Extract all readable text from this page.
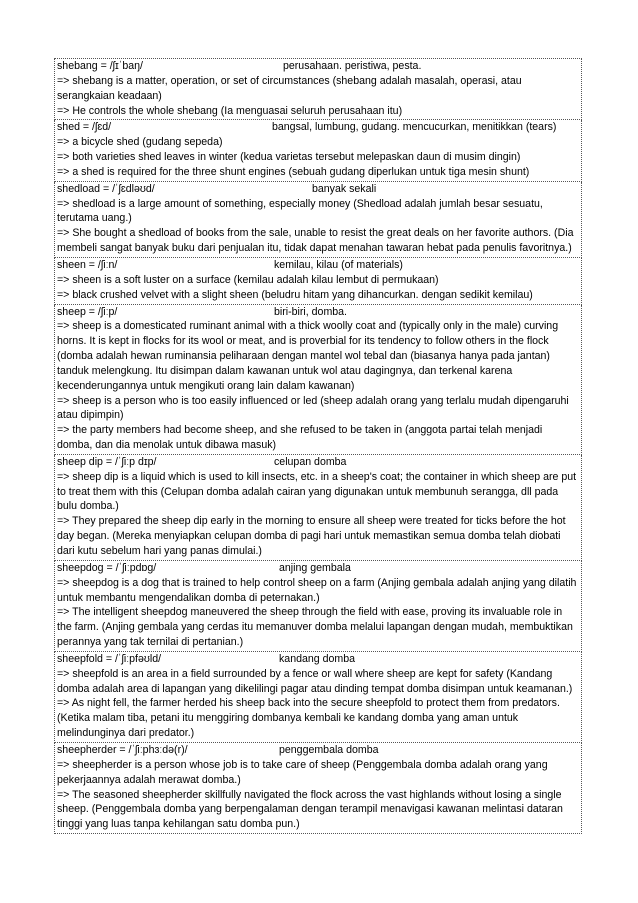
shebang = /ʃɪˈbaŋ/	perusahaan. peristiwa, pesta.

=> shebang is a matter, operation, or set of circumstances (shebang adalah masalah, operasi, atau serangkaian keadaan)

=> He controls the whole shebang (Ia menguasai seluruh perusahaan itu)

shed = /ʃɛd/	bangsal, lumbung, gudang. mencucurkan, menitikkan (tears)

=> a bicycle shed (gudang sepeda)

=> both varieties shed leaves in winter (kedua varietas tersebut melepaskan daun di musim dingin)

=> a shed is required for the three shunt engines (sebuah gudang diperlukan untuk tiga mesin shunt)

shedload = /ˈʃɛdləʊd/	banyak sekali

=> shedload is a large amount of something, especially money (Shedload adalah jumlah besar sesuatu, terutama uang.)

=> She bought a shedload of books from the sale, unable to resist the great deals on her favorite authors. (Dia membeli sangat banyak buku dari penjualan itu, tidak dapat menahan tawaran hebat pada penulis favoritnya.)

sheen = /ʃiːn/	kemilau, kilau (of materials)

=> sheen is a soft luster on a surface (kemilau adalah kilau lembut di permukaan)

=> black crushed velvet with a slight sheen (beludru hitam yang dihancurkan. dengan sedikit kemilau)

sheep = /ʃiːp/	biri-biri, domba.

=> sheep is a domesticated ruminant animal with a thick woolly coat and (typically only in the male) curving horns. It is kept in flocks for its wool or meat, and is proverbial for its tendency to follow others in the flock (domba adalah hewan ruminansia peliharaan dengan mantel wol tebal dan (biasanya hanya pada jantan) tanduk melengkung. Itu disimpan dalam kawanan untuk wol atau dagingnya, dan terkenal karena kecenderungannya untuk mengikuti orang lain dalam kawanan)

=> sheep is a person who is too easily influenced or led (sheep adalah orang yang terlalu mudah dipengaruhi atau dipimpin)

=> the party members had become sheep, and she refused to be taken in (anggota partai telah menjadi domba, dan dia menolak untuk dibawa masuk)

sheep dip = /ˈʃiːp dɪp/	celupan domba

=> sheep dip is a liquid which is used to kill insects, etc. in a sheep's coat; the container in which sheep are put to treat them with this (Celupan domba adalah cairan yang digunakan untuk membunuh serangga, dll pada bulu domba.)

=> They prepared the sheep dip early in the morning to ensure all sheep were treated for ticks before the hot day began. (Mereka menyiapkan celupan domba di pagi hari untuk memastikan semua domba telah diobati dari kutu sebelum hari yang panas dimulai.)

sheepdog = /ˈʃiːpdɒɡ/	anjing gembala

=> sheepdog is a dog that is trained to help control sheep on a farm (Anjing gembala adalah anjing yang dilatih untuk membantu mengendalikan domba di peternakan.)

=> The intelligent sheepdog maneuvered the sheep through the field with ease, proving its invaluable role in the farm. (Anjing gembala yang cerdas itu memanuver domba melalui lapangan dengan mudah, membuktikan perannya yang tak ternilai di pertanian.)

sheepfold = /ˈʃiːpfəʊld/	kandang domba

=> sheepfold is an area in a field surrounded by a fence or wall where sheep are kept for safety (Kandang domba adalah area di lapangan yang dikelilingi pagar atau dinding tempat domba disimpan untuk keamanan.)

=> As night fell, the farmer herded his sheep back into the secure sheepfold to protect them from predators. (Ketika malam tiba, petani itu menggiring dombanya kembali ke kandang domba yang aman untuk melindunginya dari predator.)

sheepherder = /ˈʃiːphɜːdə(r)/	penggembala domba

=> sheepherder is a person whose job is to take care of sheep (Penggembala domba adalah orang yang pekerjaannya adalah merawat domba.)

=> The seasoned sheepherder skillfully navigated the flock across the vast highlands without losing a single sheep. (Penggembala domba yang berpengalaman dengan terampil menavigasi kawanan melintasi dataran tinggi yang luas tanpa kehilangan satu domba pun.)
